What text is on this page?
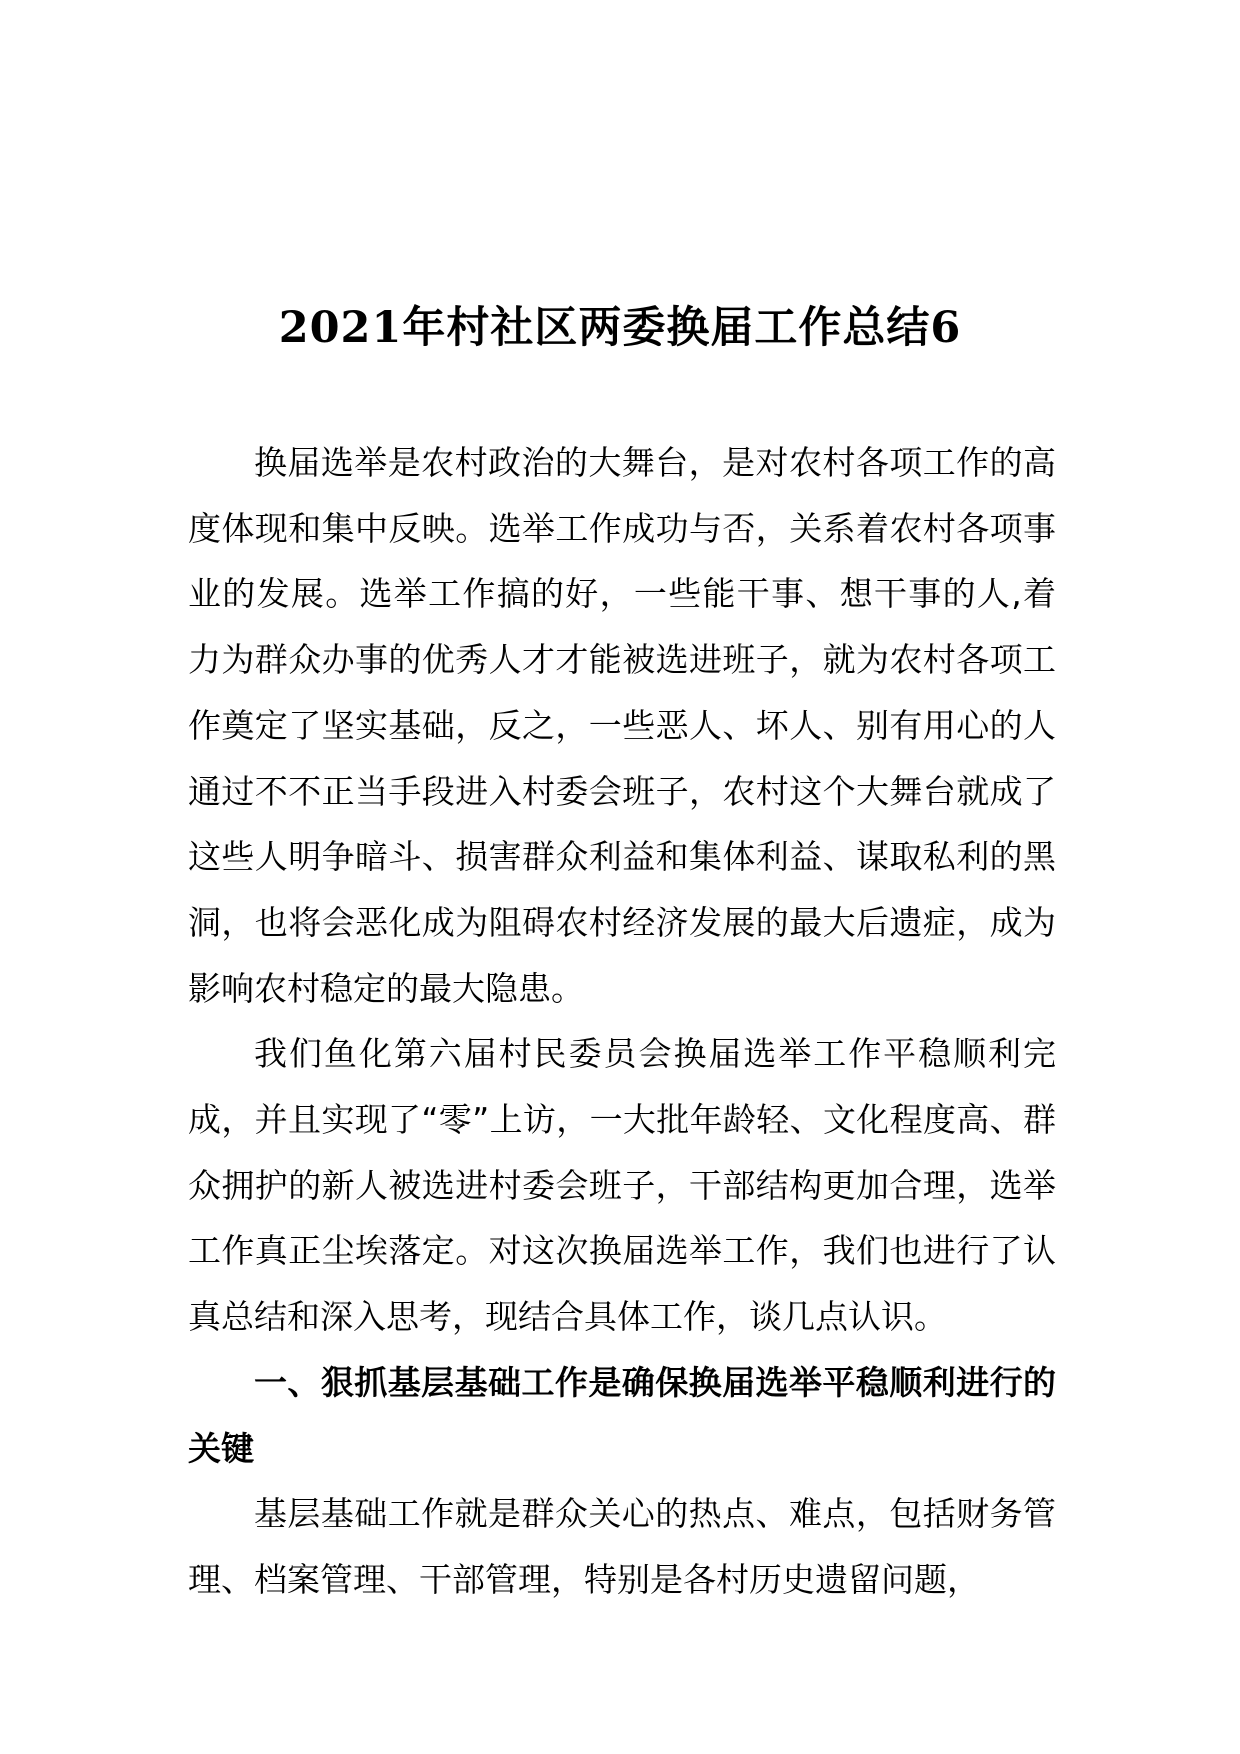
2021年村社区两委换届工作总结6

换届选举是农村政治的大舞台，是对农村各项工作的高度体现和集中反映。选举工作成功与否，关系着农村各项事业的发展。选举工作搞的好，一些能干事、想干事的人,着力为群众办事的优秀人才才能被选进班子，就为农村各项工作奠定了坚实基础，反之，一些恶人、坏人、别有用心的人通过不不正当手段进入村委会班子，农村这个大舞台就成了这些人明争暗斗、损害群众利益和集体利益、谋取私利的黑洞，也将会恶化成为阻碍农村经济发展的最大后遗症，成为影响农村稳定的最大隐患。

我们鱼化第六届村民委员会换届选举工作平稳顺利完成，并且实现了“零”上访，一大批年龄轻、文化程度高、群众拥护的新人被选进村委会班子，干部结构更加合理，选举工作真正尘埃落定。对这次换届选举工作，我们也进行了认真总结和深入思考，现结合具体工作，谈几点认识。

一、狠抓基层基础工作是确保换届选举平稳顺利进行的关键

基层基础工作就是群众关心的热点、难点，包括财务管理、档案管理、干部管理，特别是各村历史遗留问题，
